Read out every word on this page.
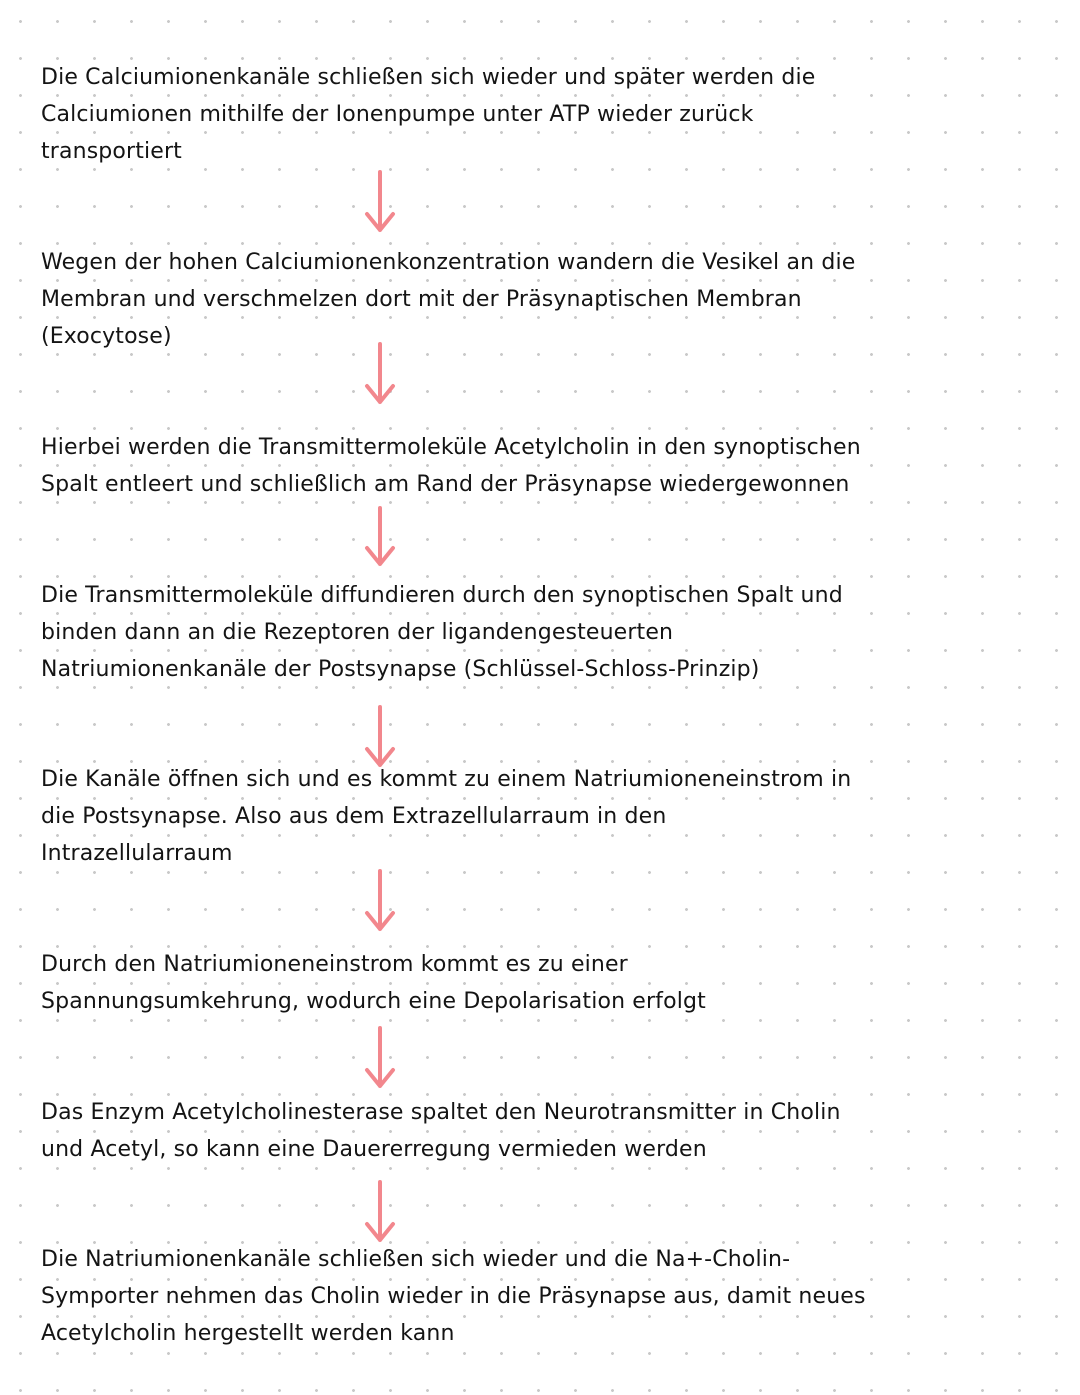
Die Calciumionenkanäle schließen sich wieder und später werden die
Calciumionen mithilfe der Ionenpumpe unter ATP wieder zurück
transportiert
Wegen der hohen Calciumionenkonzentration wandern die Vesikel an die
Membran und verschmelzen dort mit der Präsynaptischen Membran
(Exocytose)
Hierbei werden die Transmittermoleküle Acetylcholin in den synoptischen
Spalt entleert und schließlich am Rand der Präsynapse wiedergewonnen
Die Transmittermoleküle diffundieren durch den synoptischen Spalt und
binden dann an die Rezeptoren der ligandengesteuerten
Natriumionenkanäle der Postsynapse (Schlüssel-Schloss-Prinzip)
Die Kanäle öffnen sich und es kommt zu einem Natriumioneneinstrom in
die Postsynapse. Also aus dem Extrazellularraum in den
Intrazellularraum
Durch den Natriumioneneinstrom kommt es zu einer
Spannungsumkehrung, wodurch eine Depolarisation erfolgt
Das Enzym Acetylcholinesterase spaltet den Neurotransmitter in Cholin
und Acetyl, so kann eine Dauererregung vermieden werden
Die Natriumionenkanäle schließen sich wieder und die Na+-Cholin-
Symporter nehmen das Cholin wieder in die Präsynapse aus, damit neues
Acetylcholin hergestellt werden kann
